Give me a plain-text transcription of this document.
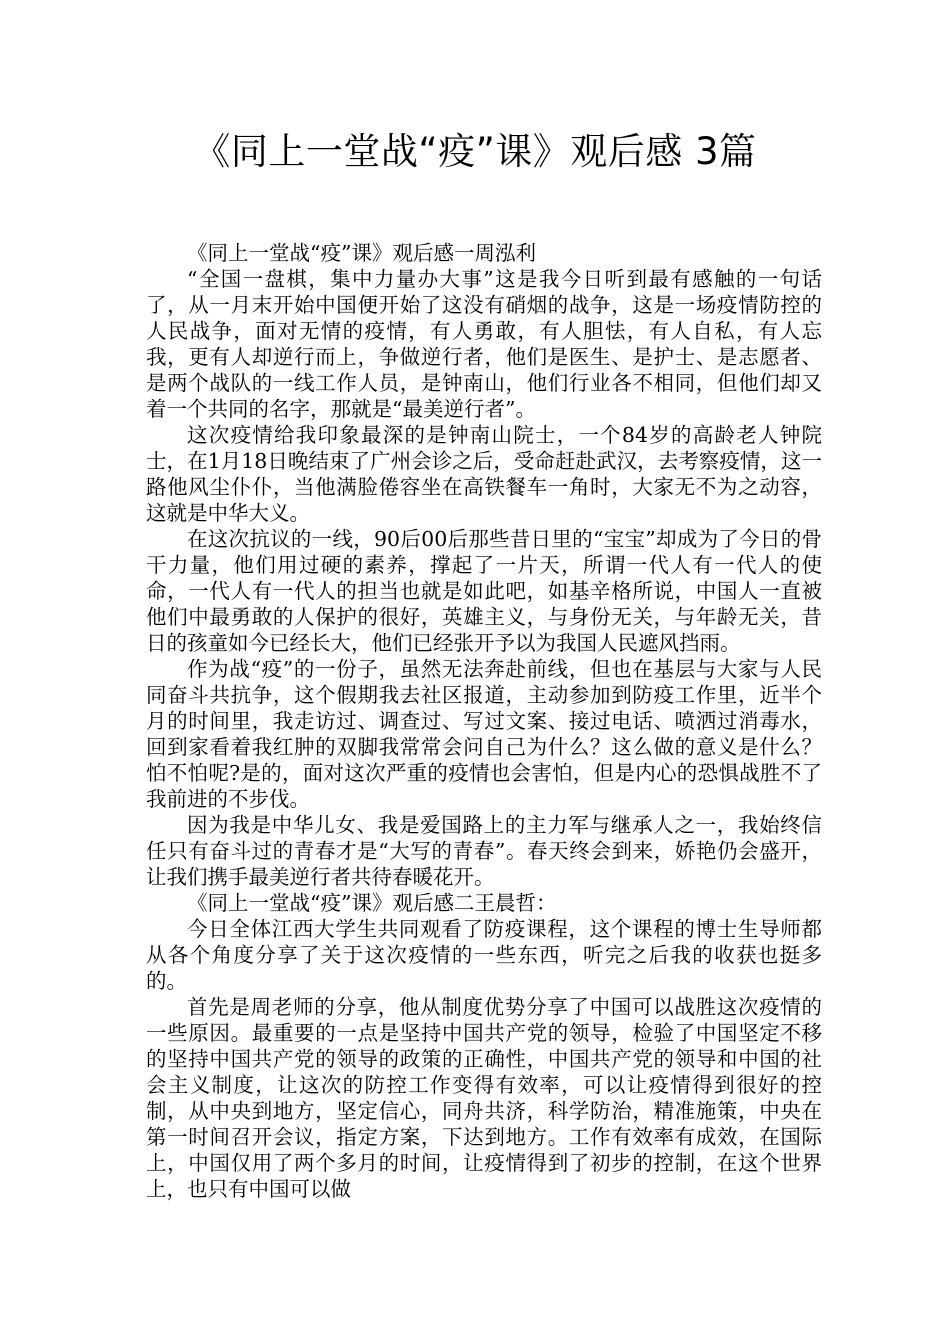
《同上一堂战“疫”课》观后感 3篇

《同上一堂战“疫”课》观后感一周泓利

“全国一盘棋，集中力量办大事”这是我今日听到最有感触的一句话了，从一月末开始中国便开始了这没有硝烟的战争，这是一场疫情防控的人民战争，面对无情的疫情，有人勇敢，有人胆怯，有人自私，有人忘我，更有人却逆行而上，争做逆行者，他们是医生、是护士、是志愿者、是两个战队的一线工作人员，是钟南山，他们行业各不相同，但他们却又着一个共同的名字，那就是“最美逆行者”。

这次疫情给我印象最深的是钟南山院士，一个84岁的高龄老人钟院士，在1月18日晚结束了广州会诊之后，受命赶赴武汉，去考察疫情，这一路他风尘仆仆，当他满脸倦容坐在高铁餐车一角时，大家无不为之动容，这就是中华大义。

在这次抗议的一线，90后00后那些昔日里的“宝宝”却成为了今日的骨干力量，他们用过硬的素养，撑起了一片天，所谓一代人有一代人的使命，一代人有一代人的担当也就是如此吧，如基辛格所说，中国人一直被他们中最勇敢的人保护的很好，英雄主义，与身份无关，与年龄无关，昔日的孩童如今已经长大，他们已经张开予以为我国人民遮风挡雨。

作为战“疫”的一份子，虽然无法奔赴前线，但也在基层与大家与人民同奋斗共抗争，这个假期我去社区报道，主动参加到防疫工作里，近半个月的时间里，我走访过、调查过、写过文案、接过电话、喷洒过消毒水，回到家看着我红肿的双脚我常常会问自己为什么？这么做的意义是什么？怕不怕呢?是的，面对这次严重的疫情也会害怕，但是内心的恐惧战胜不了我前进的不步伐。

因为我是中华儿女、我是爱国路上的主力军与继承人之一，我始终信任只有奋斗过的青春才是“大写的青春”。春天终会到来，娇艳仍会盛开，让我们携手最美逆行者共待春暖花开。

《同上一堂战“疫”课》观后感二王晨哲：

今日全体江西大学生共同观看了防疫课程，这个课程的博士生导师都从各个角度分享了关于这次疫情的一些东西，听完之后我的收获也挺多的。

首先是周老师的分享，他从制度优势分享了中国可以战胜这次疫情的一些原因。最重要的一点是坚持中国共产党的领导，检验了中国坚定不移的坚持中国共产党的领导的政策的正确性，中国共产党的领导和中国的社会主义制度，让这次的防控工作变得有效率，可以让疫情得到很好的控制，从中央到地方，坚定信心，同舟共济，科学防治，精准施策，中央在第一时间召开会议，指定方案，下达到地方。工作有效率有成效，在国际上，中国仅用了两个多月的时间，让疫情得到了初步的控制，在这个世界上，也只有中国可以做
